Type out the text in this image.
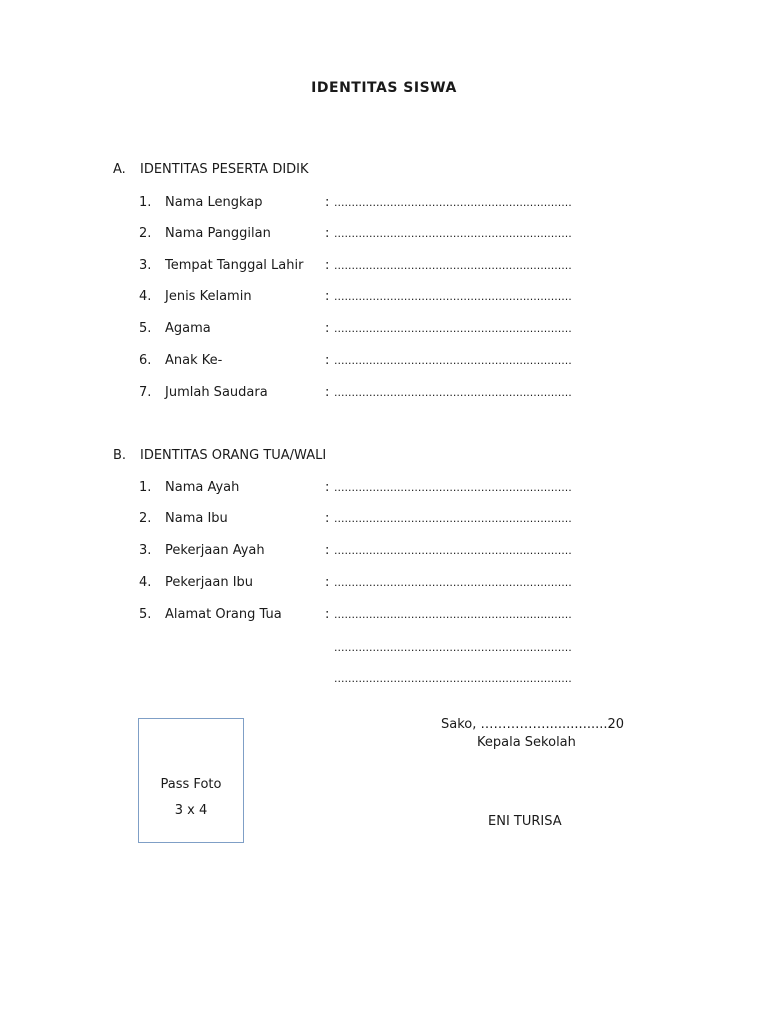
IDENTITAS SISWA
A. IDENTITAS PESERTA DIDIK
1. Nama Lengkap	: ....................................................................
2. Nama Panggilan	: ....................................................................
3. Tempat Tanggal Lahir : ....................................................................
4. Jenis Kelamin	: ....................................................................
5. Agama	: ....................................................................
6. Anak Ke-	: ....................................................................
7. Jumlah Saudara	: ....................................................................
B. IDENTITAS ORANG TUA/WALI
1. Nama Ayah	: ....................................................................
2. Nama Ibu	: ....................................................................
3. Pekerjaan Ayah	: ....................................................................
4. Pekerjaan Ibu	: ....................................................................
5. Alamat Orang Tua	: ....................................................................
....................................................................
....................................................................
Pass Foto
3 x 4
Sako, ……………...............20
Kepala Sekolah
ENI TURISA
